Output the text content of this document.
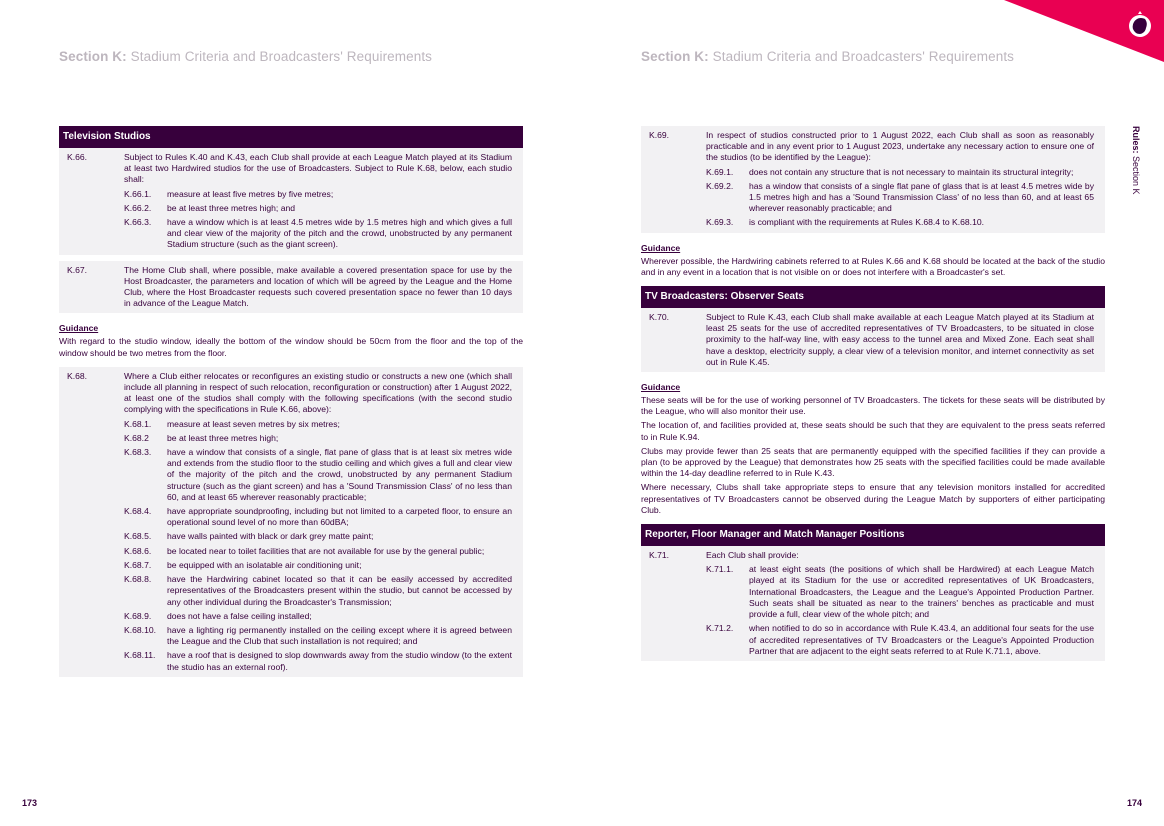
Rules: Section K
Section K: Stadium Criteria and Broadcasters' Requirements
Television Studios
K.66.	Subject to Rules K.40 and K.43, each Club shall provide at each League Match played at its Stadium at least two Hardwired studios for the use of Broadcasters. Subject to Rule K.68, below, each studio shall:
K.66.1.	measure at least five metres by five metres;
K.66.2.	be at least three metres high; and
K.66.3.	have a window which is at least 4.5 metres wide by 1.5 metres high and which gives a full and clear view of the majority of the pitch and the crowd, unobstructed by any permanent Stadium structure (such as the giant screen).
K.67.	The Home Club shall, where possible, make available a covered presentation space for use by the Host Broadcaster, the parameters and location of which will be agreed by the League and the Home Club, where the Host Broadcaster requests such covered presentation space no fewer than 10 days in advance of the League Match.
Guidance
With regard to the studio window, ideally the bottom of the window should be 50cm from the floor and the top of the window should be two metres from the floor.
K.68.	Where a Club either relocates or reconfigures an existing studio or constructs a new one (which shall include all planning in respect of such relocation, reconfiguration or construction) after 1 August 2022, at least one of the studios shall comply with the following specifications (with the second studio complying with the specifications in Rule K.66, above):
K.68.1.	measure at least seven metres by six metres;
K.68.2	be at least three metres high;
K.68.3.	have a window that consists of a single, flat pane of glass that is at least six metres wide and extends from the studio floor to the studio ceiling and which gives a full and clear view of the majority of the pitch and the crowd, unobstructed by any permanent Stadium structure (such as the giant screen) and has a 'Sound Transmission Class' of no less than 60, and at least 65 wherever reasonably practicable;
K.68.4.	have appropriate soundproofing, including but not limited to a carpeted floor, to ensure an operational sound level of no more than 60dBA;
K.68.5.	have walls painted with black or dark grey matte paint;
K.68.6.	be located near to toilet facilities that are not available for use by the general public;
K.68.7.	be equipped with an isolatable air conditioning unit;
K.68.8.	have the Hardwiring cabinet located so that it can be easily accessed by accredited representatives of the Broadcasters present within the studio, but cannot be accessed by any other individual during the Broadcaster's Transmission;
K.68.9.	does not have a false ceiling installed;
K.68.10.	have a lighting rig permanently installed on the ceiling except where it is agreed between the League and the Club that such installation is not required; and
K.68.11.	have a roof that is designed to slop downwards away from the studio window (to the extent the studio has an external roof).
173
Section K: Stadium Criteria and Broadcasters' Requirements
K.69.	In respect of studios constructed prior to 1 August 2022, each Club shall as soon as reasonably practicable and in any event prior to 1 August 2023, undertake any necessary action to ensure one of the studios (to be identified by the League):
K.69.1.	does not contain any structure that is not necessary to maintain its structural integrity;
K.69.2.	has a window that consists of a single flat pane of glass that is at least 4.5 metres wide by 1.5 metres high and has a 'Sound Transmission Class' of no less than 60, and at least 65 wherever reasonably practicable; and
K.69.3.	is compliant with the requirements at Rules K.68.4 to K.68.10.
Guidance
Wherever possible, the Hardwiring cabinets referred to at Rules K.66 and K.68 should be located at the back of the studio and in any event in a location that is not visible on or does not interfere with a Broadcaster's set.
TV Broadcasters: Observer Seats
K.70.	Subject to Rule K.43, each Club shall make available at each League Match played at its Stadium at least 25 seats for the use of accredited representatives of TV Broadcasters, to be situated in close proximity to the half-way line, with easy access to the tunnel area and Mixed Zone. Each seat shall have a desktop, electricity supply, a clear view of a television monitor, and internet connectivity as set out in Rule K.45.
Guidance
These seats will be for the use of working personnel of TV Broadcasters. The tickets for these seats will be distributed by the League, who will also monitor their use.
The location of, and facilities provided at, these seats should be such that they are equivalent to the press seats referred to in Rule K.94.
Clubs may provide fewer than 25 seats that are permanently equipped with the specified facilities if they can provide a plan (to be approved by the League) that demonstrates how 25 seats with the specified facilities could be made available within the 14-day deadline referred to in Rule K.43.
Where necessary, Clubs shall take appropriate steps to ensure that any television monitors installed for accredited representatives of TV Broadcasters cannot be observed during the League Match by supporters of either participating Club.
Reporter, Floor Manager and Match Manager Positions
K.71.	Each Club shall provide:
K.71.1.	at least eight seats (the positions of which shall be Hardwired) at each League Match played at its Stadium for the use or accredited representatives of UK Broadcasters, International Broadcasters, the League and the League's Appointed Production Partner. Such seats shall be situated as near to the trainers' benches as practicable and must provide a full, clear view of the whole pitch; and
K.71.2.	when notified to do so in accordance with Rule K.43.4, an additional four seats for the use of accredited representatives of TV Broadcasters or the League's Appointed Production Partner that are adjacent to the eight seats referred to at Rule K.71.1, above.
174
